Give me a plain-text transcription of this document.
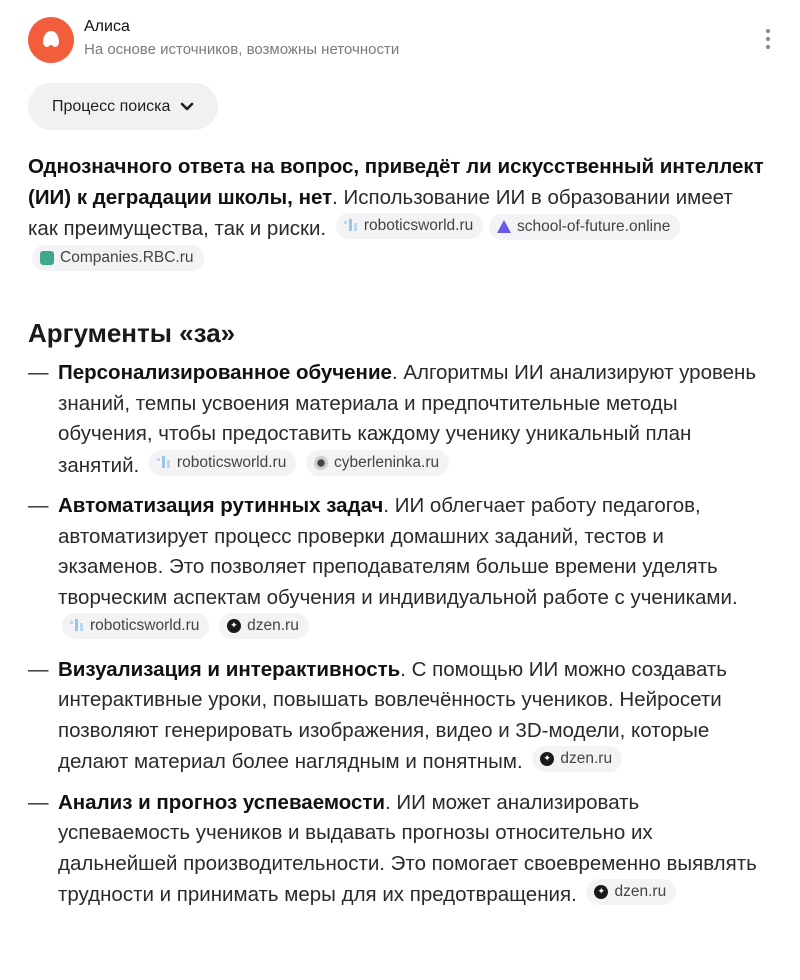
Алиса
На основе источников, возможны неточности
Процесс поиска

Однозначного ответа на вопрос, приведёт ли искусственный интеллект (ИИ) к деградации школы, нет. Использование ИИ в образовании имеет как преимущества, так и риски. roboticsworld.ru
	school-of-future.online

Companies.RBC.ru

Аргументы «за»
— Персонализированное обучение. Алгоритмы ИИ анализируют уровень знаний, темпы усвоения материала и предпочтительные методы обучения, чтобы предоставить каждому ученику уникальный план занятий. roboticsworld.ru
	cyberleninka.ru
— Автоматизация рутинных задач. ИИ облегчает работу педагогов, автоматизирует процесс проверки домашних заданий, тестов и экзаменов. Это позволяет преподавателям больше времени уделять творческим аспектам обучения и индивидуальной работе с учениками.
roboticsworld.ru
✦	dzen.ru
— Визуализация и интерактивность. С помощью ИИ можно создавать интерактивные уроки, повышать вовлечённость учеников. Нейросети позволяют генерировать изображения, видео и 3D-модели, которые делают материал более наглядным и понятным. ✦ dzen.ru
— Анализ и прогноз успеваемости. ИИ может анализировать успеваемость учеников и выдавать прогнозы относительно их дальнейшей производительности. Это помогает своевременно выявлять трудности и принимать меры для их предотвращения. ✦ dzen.ru
